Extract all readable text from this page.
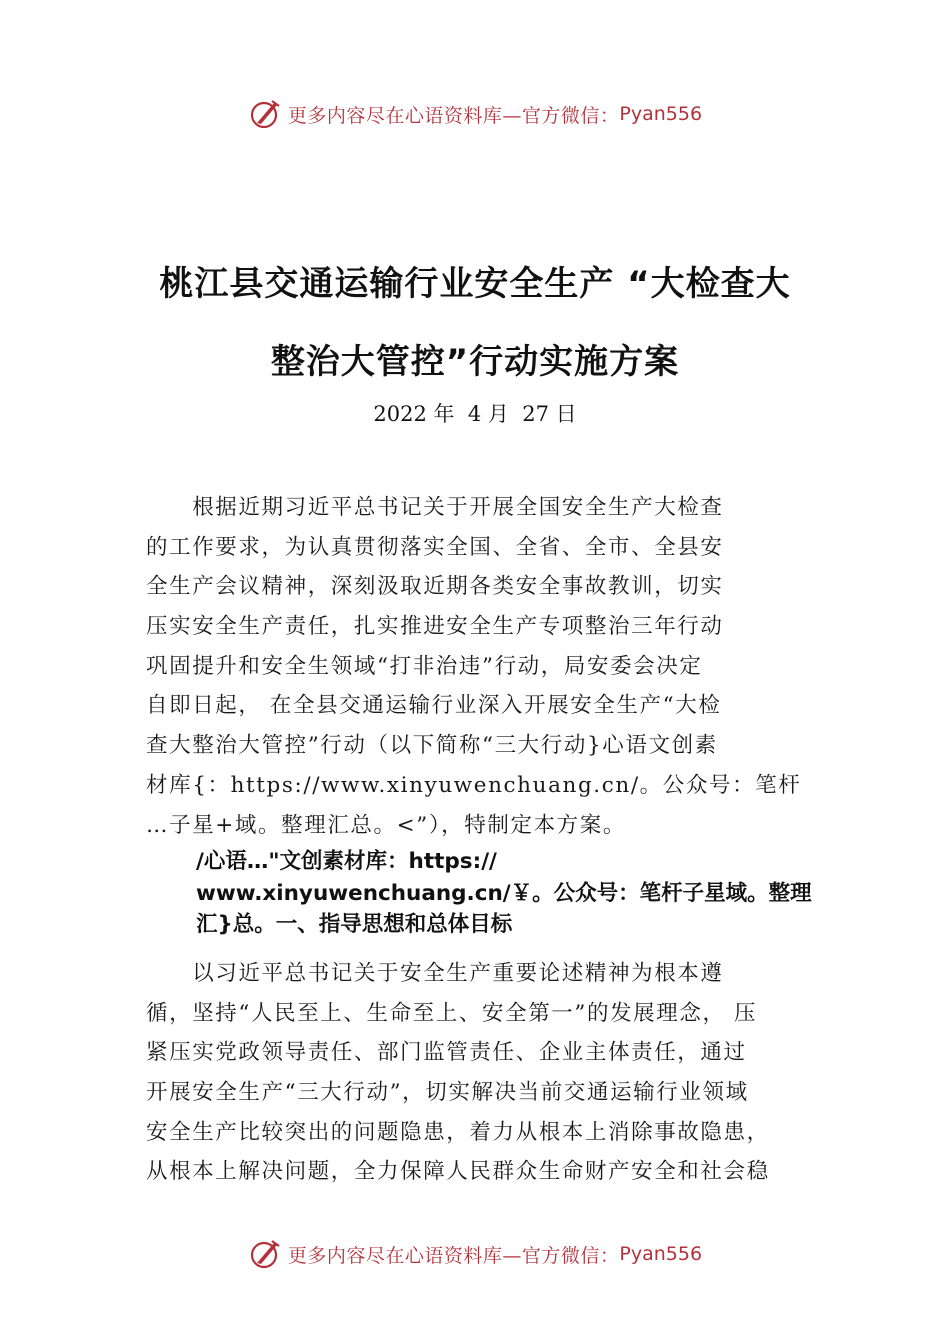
更多内容尽在心语资料库—官方微信： Pyan556
桃江县交通运输行业安全生产 “大检查大
整治大管控”行动实施方案
2022 年  4 月  27 日
　　根据近期习近平总书记关于开展全国安全生产大检查
的工作要求，为认真贯彻落实全国、全省、全市、全县安
全生产会议精神，深刻汲取近期各类安全事故教训，切实
压实安全生产责任，扎实推进安全生产专项整治三年行动
巩固提升和安全生领域“打非治违”行动，局安委会决定
自即日起， 在全县交通运输行业深入开展安全生产“大检
查大整治大管控”行动（以下简称“三大行动}心语文创素
材库{：https://www.xinyuwenchuang.cn/。公众号：笔杆
…子星+域。整理汇总。<”），特制定本方案。
/心语…"文创素材库：https://
www.xinyuwenchuang.cn/￥。公众号：笔杆子星域。整理
汇}总。一、指导思想和总体目标
　　以习近平总书记关于安全生产重要论述精神为根本遵
循，坚持“人民至上、生命至上、安全第一”的发展理念， 压
紧压实党政领导责任、部门监管责任、企业主体责任，通过
开展安全生产“三大行动”，切实解决当前交通运输行业领域
安全生产比较突出的问题隐患，着力从根本上消除事故隐患，
从根本上解决问题，全力保障人民群众生命财产安全和社会稳
更多内容尽在心语资料库—官方微信： Pyan556
